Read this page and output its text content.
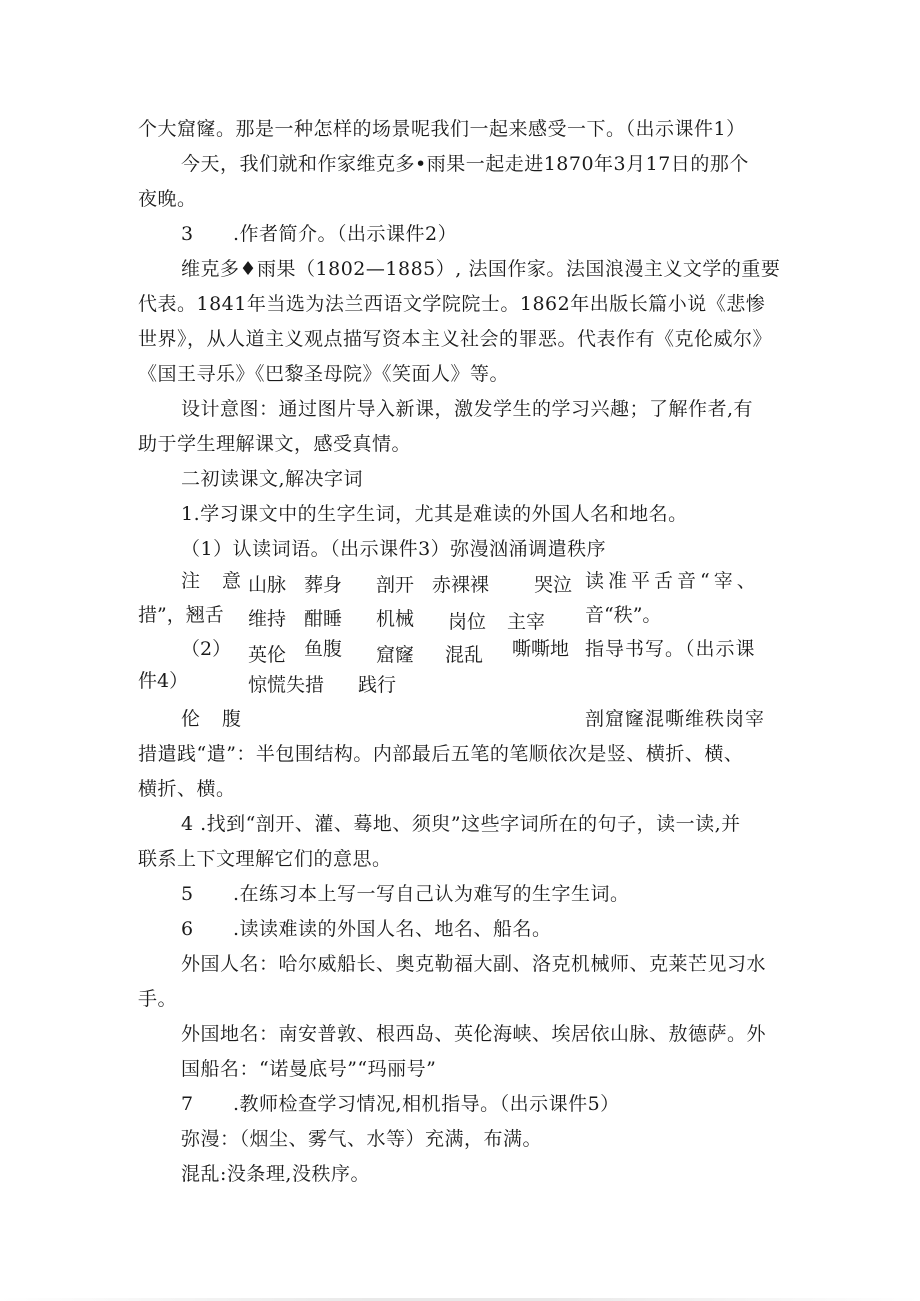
个大窟窿。那是一种怎样的场景呢我们一起来感受一下。（出示课件1）
今天，我们就和作家维克多•雨果一起走进1870年3月17日的那个
夜晚。
3 .作者简介。（出示课件2）
维克多♦雨果（1802—1885）, 法国作家。法国浪漫主义文学的重要
代表。1841年当选为法兰西语文学院院士。1862年出版长篇小说《悲惨
世界》，从人道主义观点描写资本主义社会的罪恶。代表作有《克伦威尔》
《国王寻乐》《巴黎圣母院》《笑面人》等。
设计意图：通过图片导入新课，激发学生的学习兴趣；了解作者,有
助于学生理解课文，感受真情。
二初读课文,解决字词
1.学习课文中的生字生词，尤其是难读的外国人名和地名。
（1）认读词语。（出示课件3）弥漫汹涌调遣秩序
注 意
山脉 葬身 剖开 赤裸裸 哭泣 读准平舌音“宰、
措”，翘舌 维持 酣睡 机械 岗位 主宰 音“秩”。
（2） 英伦 鱼腹 窟窿 混乱 嘶嘶地 指导书写。（出示课
件4）	惊慌失措 践行
伦 腹	剖窟窿混嘶维秩岗宰
措遣践“遣”：半包围结构。内部最后五笔的笔顺依次是竖、横折、横、
横折、横。
4 .找到“剖开、灌、蓦地、须臾”这些字词所在的句子，读一读,并
联系上下文理解它们的意思。
5 .在练习本上写一写自己认为难写的生字生词。
6 .读读难读的外国人名、地名、船名。
外国人名：哈尔威船长、奥克勒福大副、洛克机械师、克莱芒见习水
手。
外国地名：南安普敦、根西岛、英伦海峡、埃居依山脉、敖德萨。外
国船名：“诺曼底号”“玛丽号”
7 .教师检查学习情况,相机指导。（出示课件5）
弥漫：（烟尘、雾气、水等）充满，布满。
混乱:没条理,没秩序。
